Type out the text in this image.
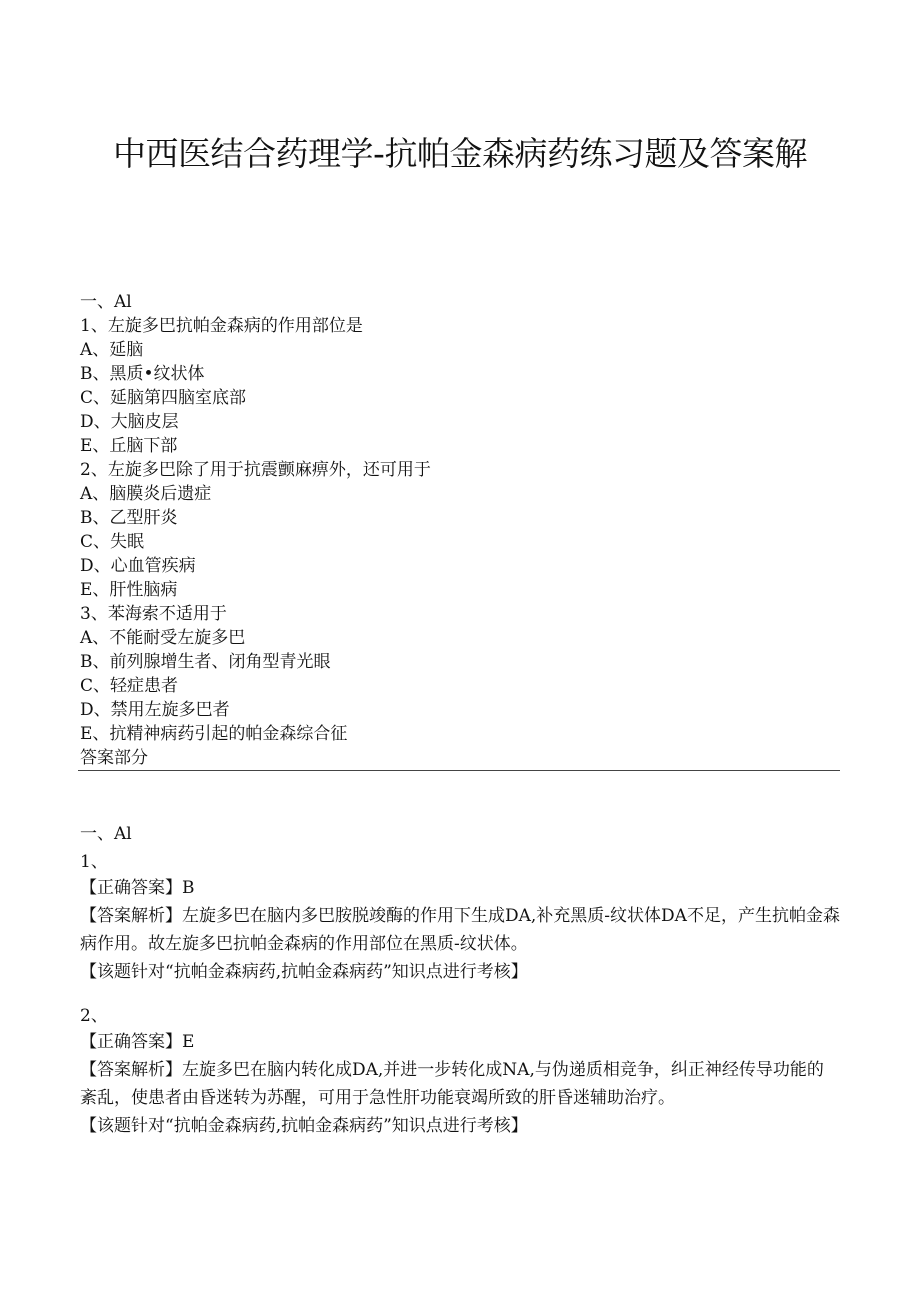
中西医结合药理学-抗帕金森病药练习题及答案解
一、Al
1、左旋多巴抗帕金森病的作用部位是
A、延脑
B、黑质•纹状体
C、延脑第四脑室底部
D、大脑皮层
E、丘脑下部
2、左旋多巴除了用于抗震颤麻痹外，还可用于
A、脑膜炎后遗症
B、乙型肝炎
C、失眠
D、心血管疾病
E、肝性脑病
3、苯海索不适用于
A、不能耐受左旋多巴
B、前列腺增生者、闭角型青光眼
C、轻症患者
D、禁用左旋多巴者
E、抗精神病药引起的帕金森综合征
答案部分
一、Al
1、
【正确答案】B
【答案解析】左旋多巴在脑内多巴胺脱竣酶的作用下生成DA,补充黑质-纹状体DA不足，产生抗帕金森病作用。故左旋多巴抗帕金森病的作用部位在黑质-纹状体。
【该题针对“抗帕金森病药,抗帕金森病药”知识点进行考核】
2、
【正确答案】E
【答案解析】左旋多巴在脑内转化成DA,并进一步转化成NA,与伪递质相竞争，纠正神经传导功能的紊乱，使患者由昏迷转为苏醒，可用于急性肝功能衰竭所致的肝昏迷辅助治疗。
【该题针对“抗帕金森病药,抗帕金森病药”知识点进行考核】
